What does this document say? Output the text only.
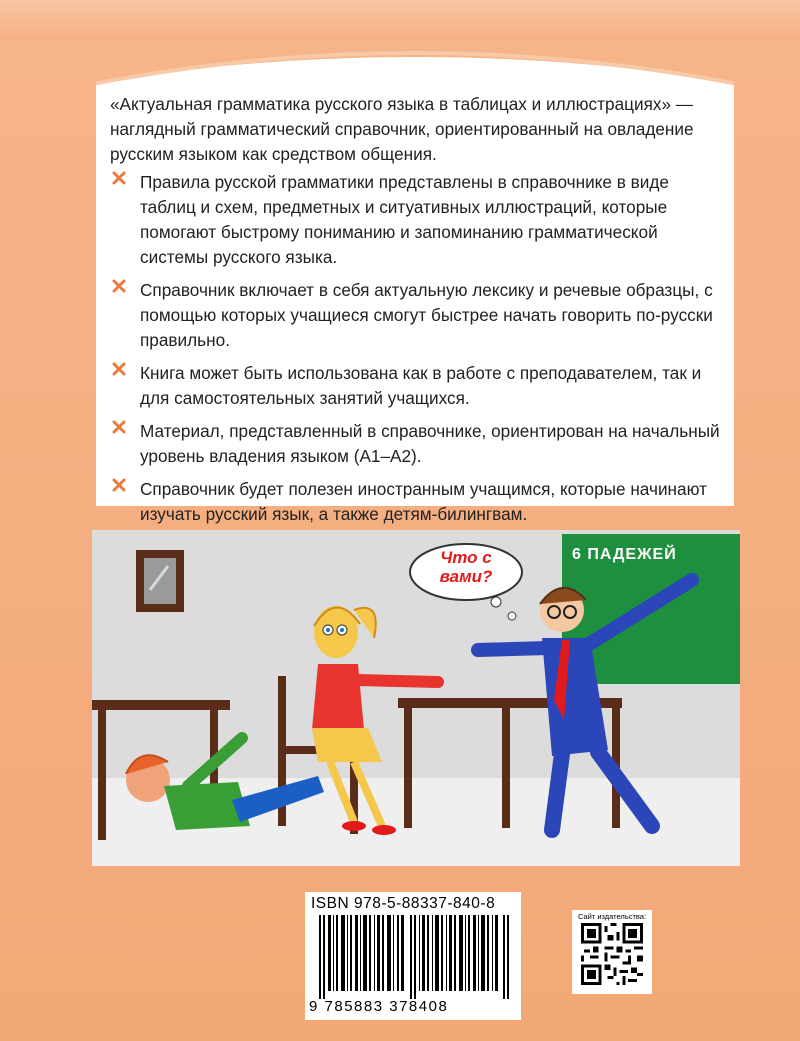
«Актуальная грамматика русского языка в таблицах и иллюстрациях» — наглядный грамматический справочник, ориентированный на овладение русским языком как средством общения.
Правила русской грамматики представлены в справочнике в виде таблиц и схем, предметных и ситуативных иллюстраций, которые помогают быстрому пониманию и запоминанию грамматической системы русского языка.
Справочник включает в себя актуальную лексику и речевые образцы, с помощью которых учащиеся смогут быстрее начать говорить по-русски правильно.
Книга может быть использована как в работе с преподавателем, так и для самостоятельных занятий учащихся.
Материал, представленный в справочнике, ориентирован на начальный уровень владения языком (А1–А2).
Справочник будет полезен иностранным учащимся, которые начинают изучать русский язык, а также детям-билингвам.
Что с вами?
6 ПАДЕЖЕЙ
ISBN 978-5-88337-840-8
9 785883 378408
Сайт издательства:
